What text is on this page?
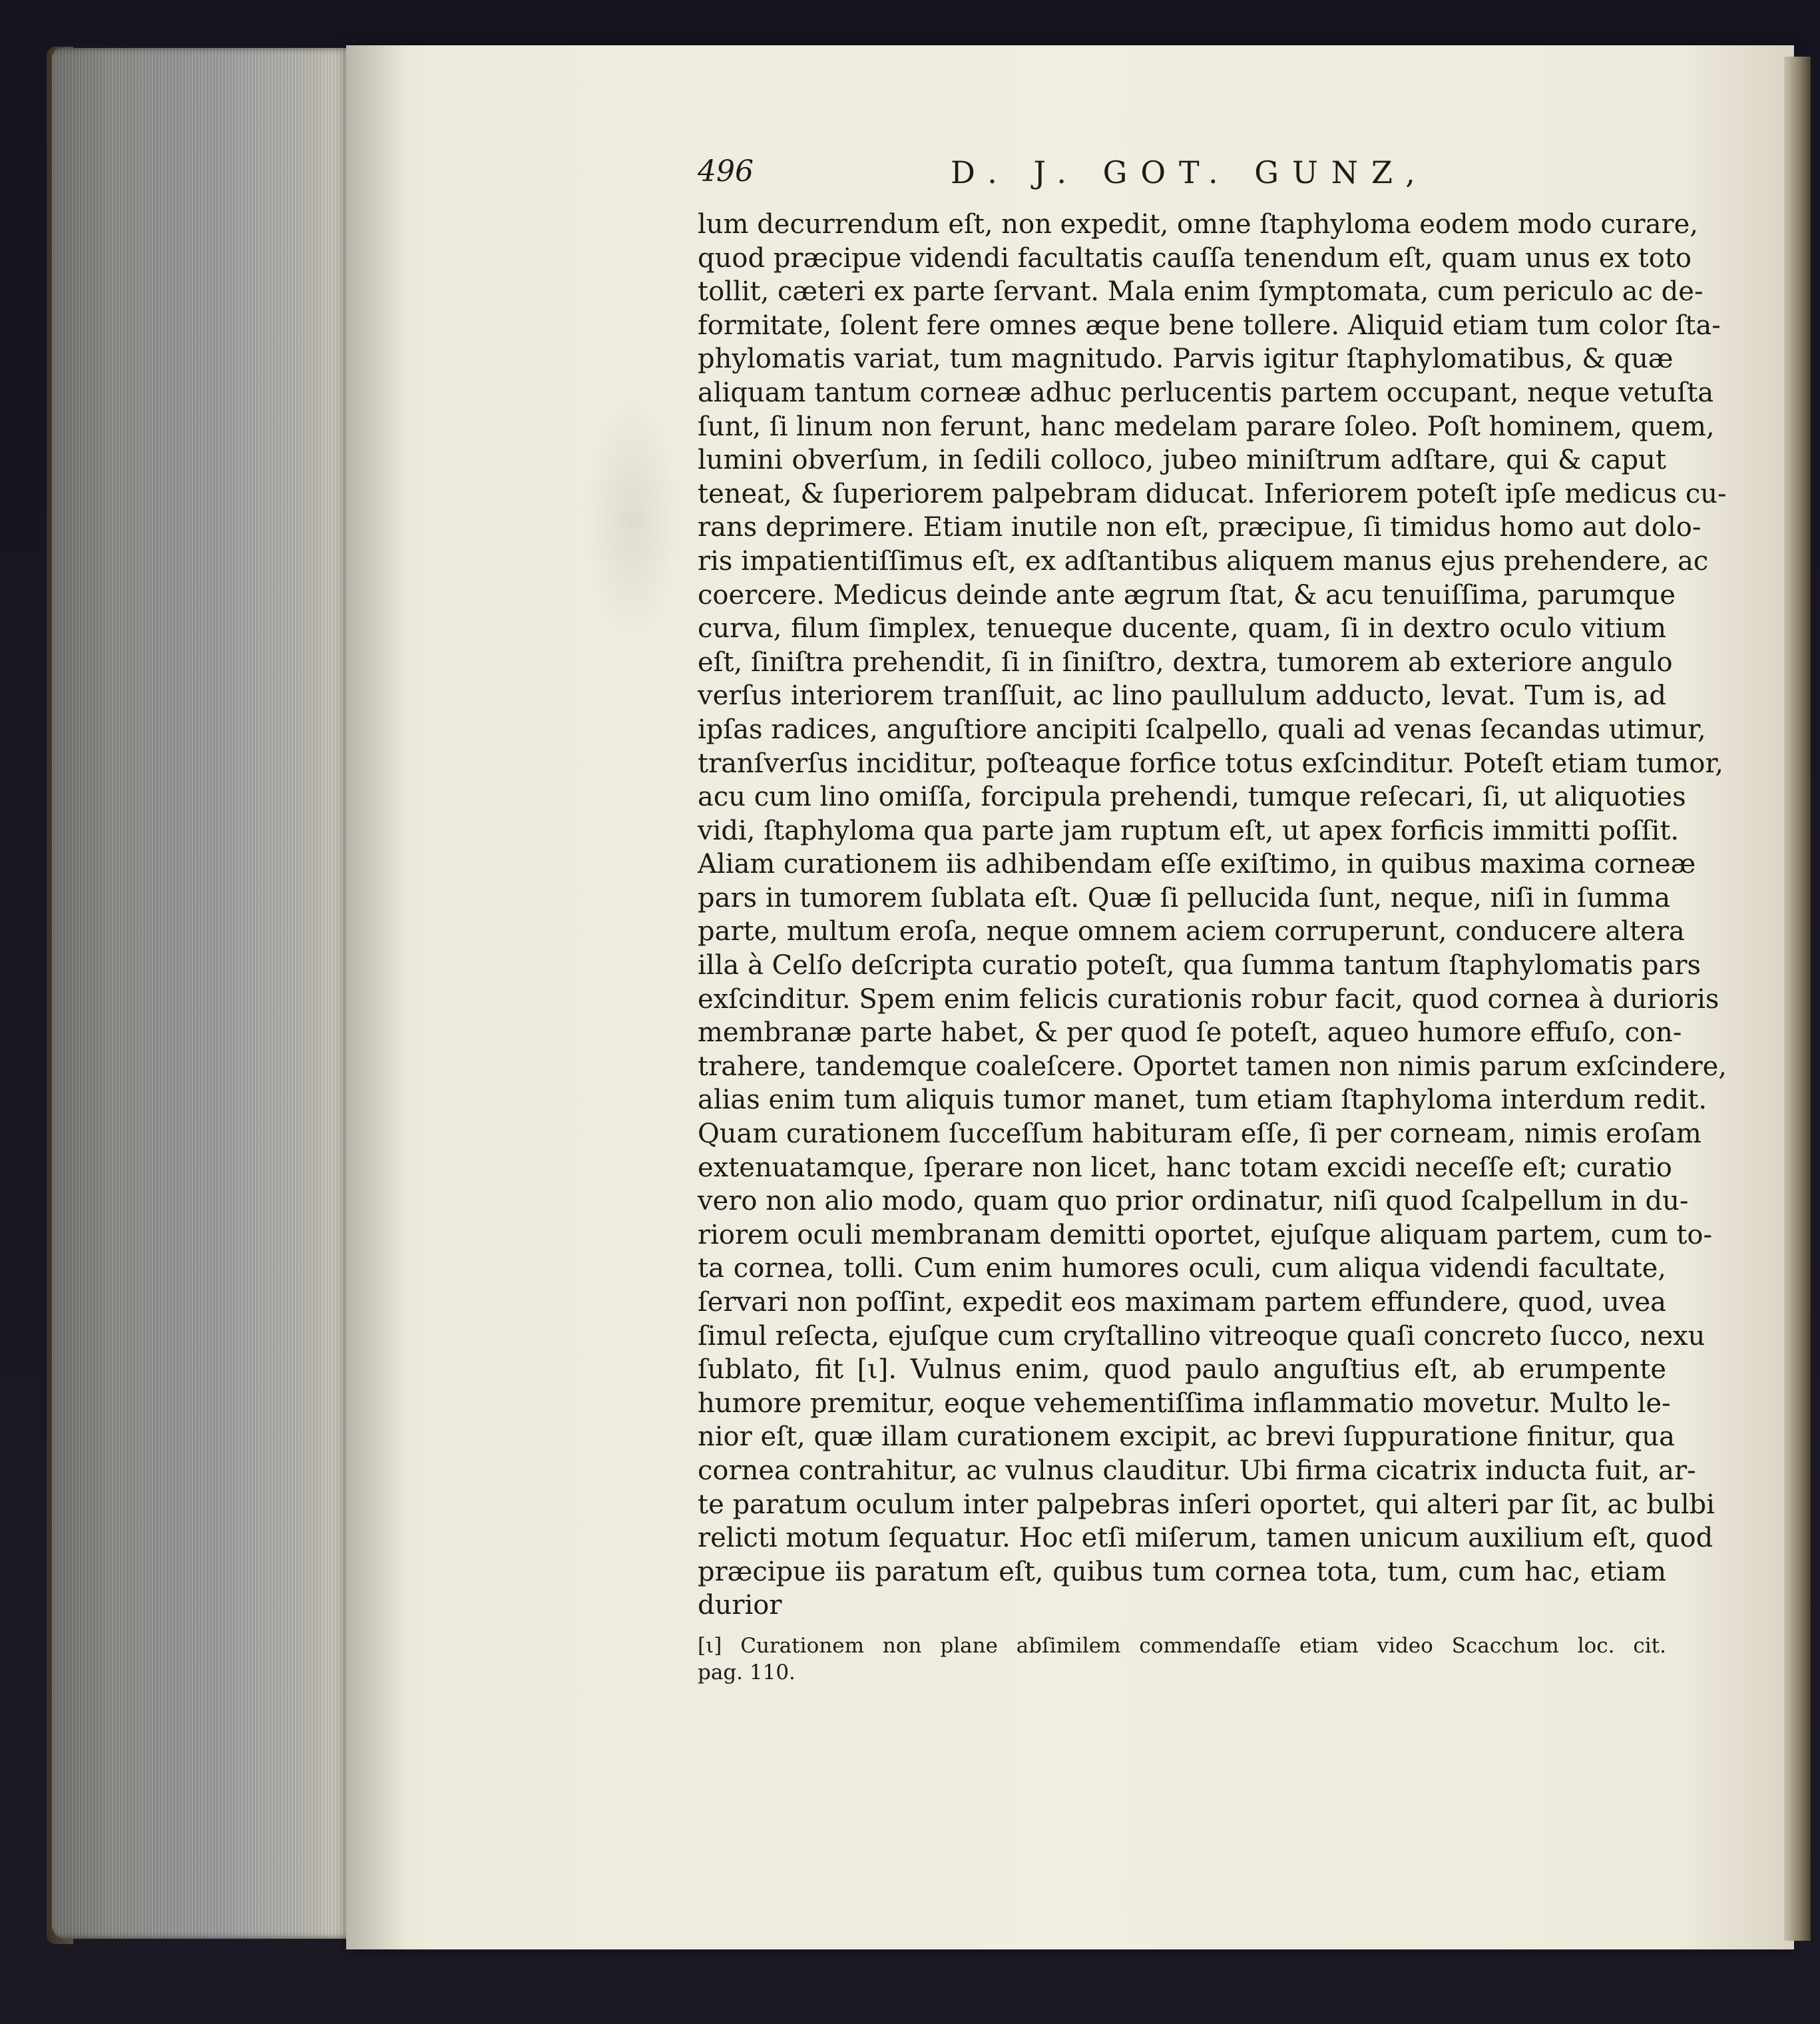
496	D. J. GOT. GUNZ,
lum decurrendum eſt, non expedit, omne ſtaphyloma eodem modo curare,
quod præcipue videndi facultatis cauſſa tenendum eſt, quam unus ex toto
tollit, cæteri ex parte ſervant. Mala enim ſymptomata, cum periculo ac de-
formitate, ſolent fere omnes æque bene tollere. Aliquid etiam tum color ſta-
phylomatis variat, tum magnitudo. Parvis igitur ſtaphylomatibus, & quæ
aliquam tantum corneæ adhuc perlucentis partem occupant, neque vetuſta
ſunt, ſi linum non ferunt, hanc medelam parare ſoleo. Poſt hominem, quem,
lumini obverſum, in ſedili colloco, jubeo miniſtrum adſtare, qui & caput
teneat, & ſuperiorem palpebram diducat. Inferiorem poteſt ipſe medicus cu-
rans deprimere. Etiam inutile non eſt, præcipue, ſi timidus homo aut dolo-
ris impatientiſſimus eſt, ex adſtantibus aliquem manus ejus prehendere, ac
coercere. Medicus deinde ante ægrum ſtat, & acu tenuiſſima, parumque
curva, filum ſimplex, tenueque ducente, quam, ſi in dextro oculo vitium
eſt, ſiniſtra prehendit, ſi in ſiniſtro, dextra, tumorem ab exteriore angulo
verſus interiorem tranſſuit, ac lino paullulum adducto, levat. Tum is, ad
ipſas radices, anguſtiore ancipiti ſcalpello, quali ad venas ſecandas utimur,
tranſverſus inciditur, poſteaque forfice totus exſcinditur. Poteſt etiam tumor,
acu cum lino omiſſa, forcipula prehendi, tumque reſecari, ſi, ut aliquoties
vidi, ſtaphyloma qua parte jam ruptum eſt, ut apex forficis immitti poſſit.
Aliam curationem iis adhibendam eſſe exiſtimo, in quibus maxima corneæ
pars in tumorem ſublata eſt. Quæ ſi pellucida ſunt, neque, niſi in ſumma
parte, multum eroſa, neque omnem aciem corruperunt, conducere altera
illa à Celſo deſcripta curatio poteſt, qua ſumma tantum ſtaphylomatis pars
exſcinditur. Spem enim felicis curationis robur facit, quod cornea à durioris
membranæ parte habet, & per quod ſe poteſt, aqueo humore effuſo, con-
trahere, tandemque coaleſcere. Oportet tamen non nimis parum exſcindere,
alias enim tum aliquis tumor manet, tum etiam ſtaphyloma interdum redit.
Quam curationem ſucceſſum habituram eſſe, ſi per corneam, nimis eroſam
extenuatamque, ſperare non licet, hanc totam excidi neceſſe eſt; curatio
vero non alio modo, quam quo prior ordinatur, niſi quod ſcalpellum in du-
riorem oculi membranam demitti oportet, ejuſque aliquam partem, cum to-
ta cornea, tolli. Cum enim humores oculi, cum aliqua videndi facultate,
ſervari non poſſint, expedit eos maximam partem effundere, quod, uvea
ſimul reſecta, ejuſque cum cryſtallino vitreoque quaſi concreto ſucco, nexu
ſublato, fit [ι]. Vulnus enim, quod paulo anguſtius eſt, ab erumpente
humore premitur, eoque vehementiſſima inflammatio movetur. Multo le-
nior eſt, quæ illam curationem excipit, ac brevi ſuppuratione finitur, qua
cornea contrahitur, ac vulnus clauditur. Ubi firma cicatrix inducta fuit, ar-
te paratum oculum inter palpebras inſeri oportet, qui alteri par ſit, ac bulbi
relicti motum ſequatur. Hoc etſi miſerum, tamen unicum auxilium eſt, quod
præcipue iis paratum eſt, quibus tum cornea tota, tum, cum hac, etiam
durior
[ι] Curationem non plane abſimilem commendaſſe etiam video Scacchum loc. cit.
pag. 110.
